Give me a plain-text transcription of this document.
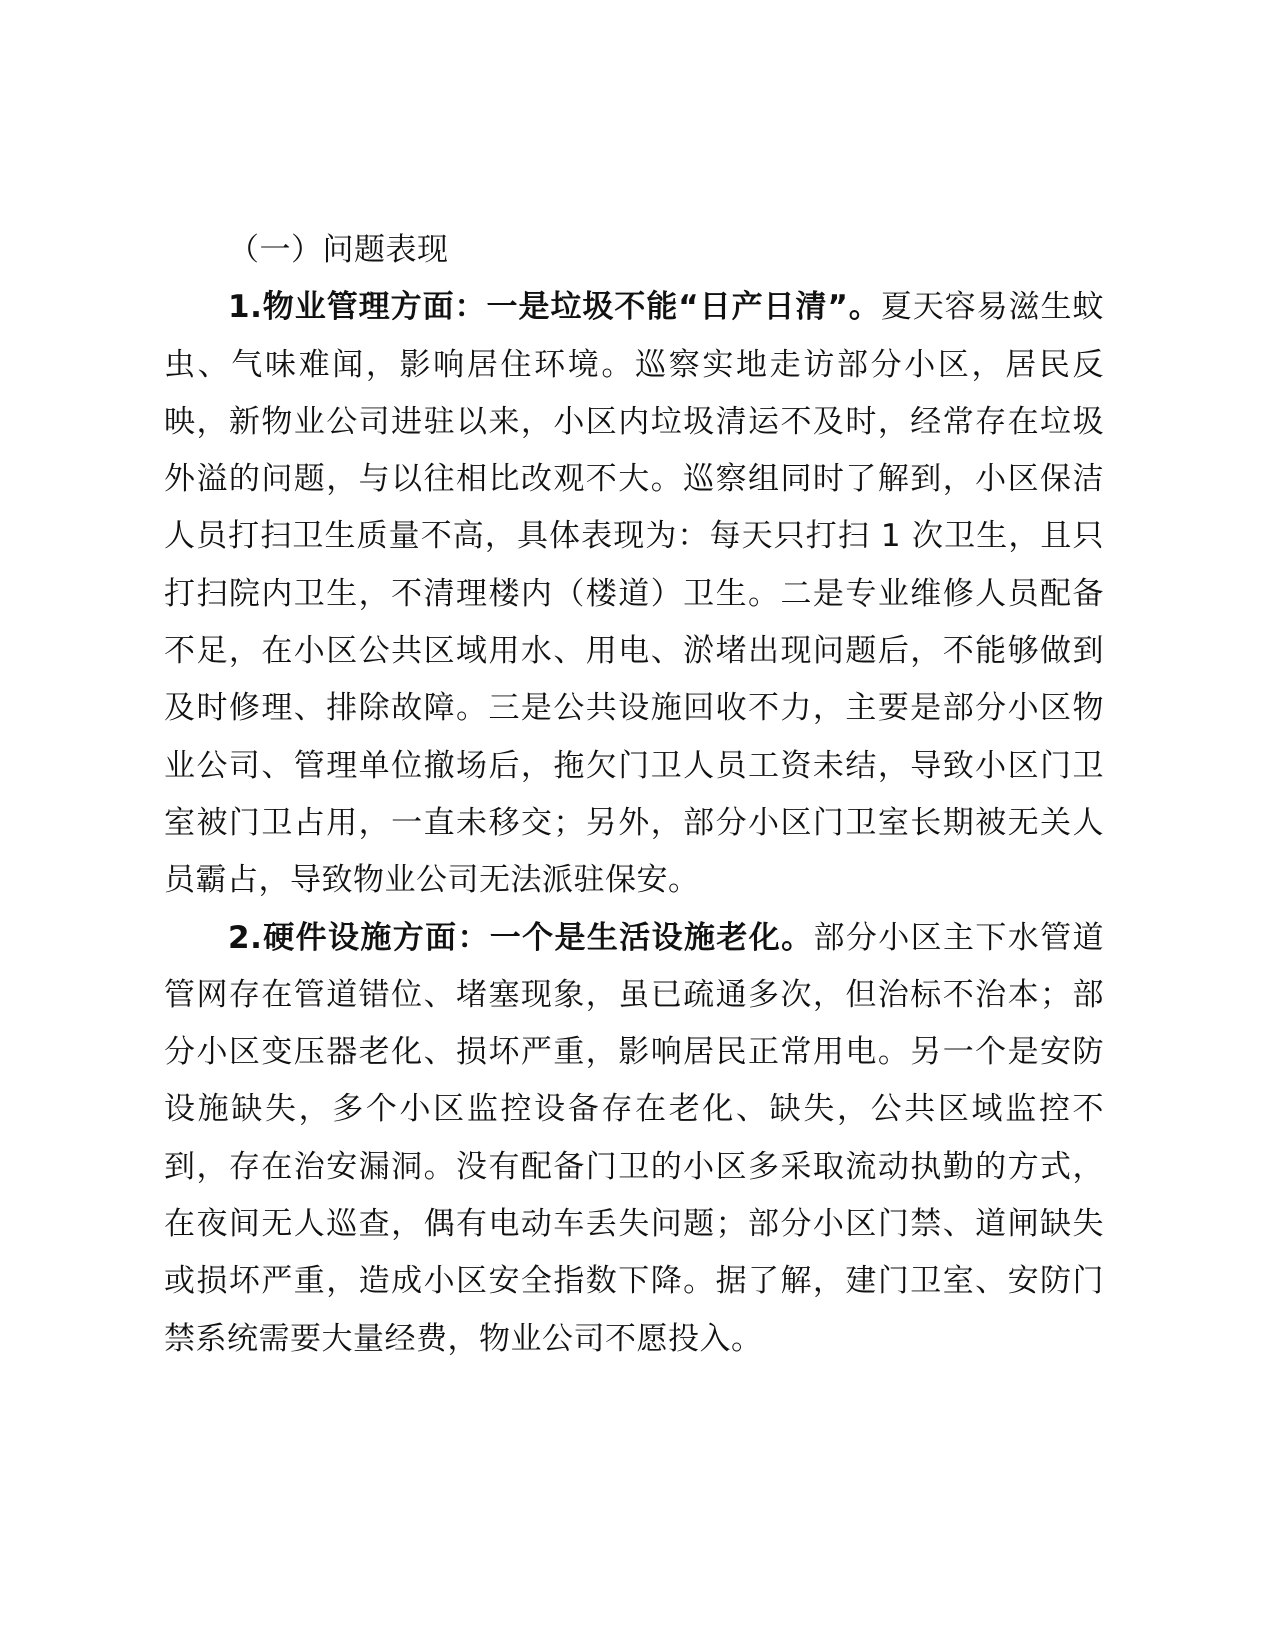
（一）问题表现

1.物业管理方面：一是垃圾不能“日产日清”。夏天容易滋生蚊虫、气味难闻，影响居住环境。巡察实地走访部分小区，居民反映，新物业公司进驻以来，小区内垃圾清运不及时，经常存在垃圾外溢的问题，与以往相比改观不大。巡察组同时了解到，小区保洁人员打扫卫生质量不高，具体表现为：每天只打扫 1 次卫生，且只打扫院内卫生，不清理楼内（楼道）卫生。二是专业维修人员配备不足，在小区公共区域用水、用电、淤堵出现问题后，不能够做到及时修理、排除故障。三是公共设施回收不力，主要是部分小区物业公司、管理单位撤场后，拖欠门卫人员工资未结，导致小区门卫室被门卫占用，一直未移交；另外，部分小区门卫室长期被无关人员霸占，导致物业公司无法派驻保安。

2.硬件设施方面：一个是生活设施老化。部分小区主下水管道管网存在管道错位、堵塞现象，虽已疏通多次，但治标不治本；部分小区变压器老化、损坏严重，影响居民正常用电。另一个是安防设施缺失，多个小区监控设备存在老化、缺失，公共区域监控不到，存在治安漏洞。没有配备门卫的小区多采取流动执勤的方式，在夜间无人巡查，偶有电动车丢失问题；部分小区门禁、道闸缺失或损坏严重，造成小区安全指数下降。据了解，建门卫室、安防门禁系统需要大量经费，物业公司不愿投入。
